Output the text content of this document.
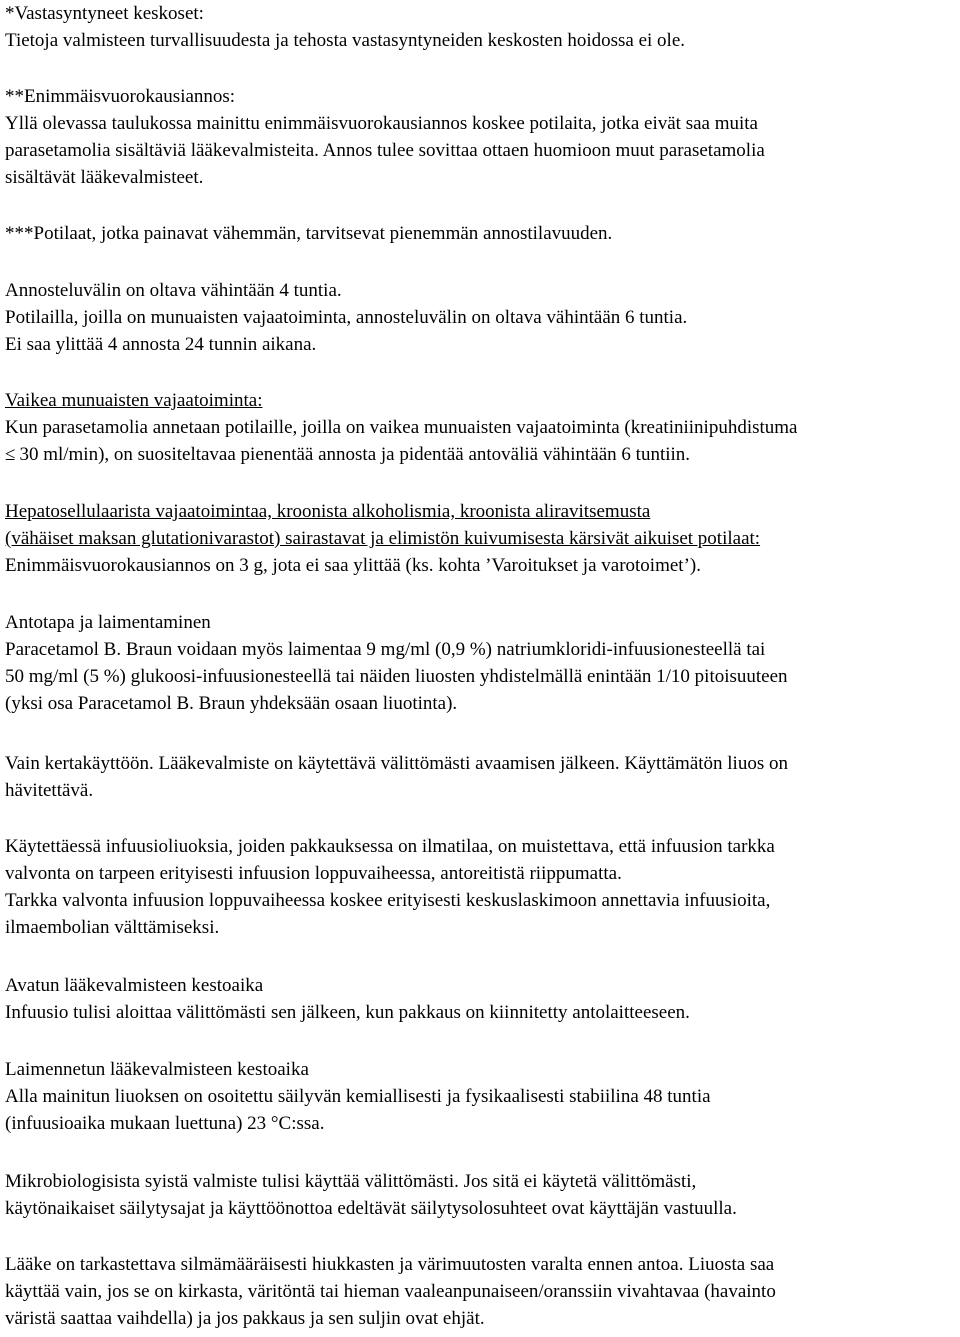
*Vastasyntyneet keskoset:
Tietoja valmisteen turvallisuudesta ja tehosta vastasyntyneiden keskosten hoidossa ei ole.
**Enimmäisvuorokausiannos:
Yllä olevassa taulukossa mainittu enimmäisvuorokausiannos koskee potilaita, jotka eivät saa muita
parasetamolia sisältäviä lääkevalmisteita. Annos tulee sovittaa ottaen huomioon muut parasetamolia
sisältävät lääkevalmisteet.
***Potilaat, jotka painavat vähemmän, tarvitsevat pienemmän annostilavuuden.
Annosteluvälin on oltava vähintään 4 tuntia.
Potilailla, joilla on munuaisten vajaatoiminta, annosteluvälin on oltava vähintään 6 tuntia.
Ei saa ylittää 4 annosta 24 tunnin aikana.
Vaikea munuaisten vajaatoiminta:
Kun parasetamolia annetaan potilaille, joilla on vaikea munuaisten vajaatoiminta (kreatiniinipuhdistuma
≤ 30 ml/min), on suositeltavaa pienentää annosta ja pidentää antoväliä vähintään 6 tuntiin.
Hepatosellulaarista vajaatoimintaa, kroonista alkoholismia, kroonista aliravitsemusta
(vähäiset maksan glutationivarastot) sairastavat ja elimistön kuivumisesta kärsivät aikuiset potilaat:
Enimmäisvuorokausiannos on 3 g, jota ei saa ylittää (ks. kohta ’Varoitukset ja varotoimet’).
Antotapa ja laimentaminen
Paracetamol B. Braun voidaan myös laimentaa 9 mg/ml (0,9 %) natriumkloridi-infuusionesteellä tai
50 mg/ml (5 %) glukoosi-infuusionesteellä tai näiden liuosten yhdistelmällä enintään 1/10 pitoisuuteen
(yksi osa Paracetamol B. Braun yhdeksään osaan liuotinta).
Vain kertakäyttöön. Lääkevalmiste on käytettävä välittömästi avaamisen jälkeen. Käyttämätön liuos on
hävitettävä.
Käytettäessä infuusioliuoksia, joiden pakkauksessa on ilmatilaa, on muistettava, että infuusion tarkka
valvonta on tarpeen erityisesti infuusion loppuvaiheessa, antoreitistä riippumatta.
Tarkka valvonta infuusion loppuvaiheessa koskee erityisesti keskuslaskimoon annettavia infuusioita,
ilmaembolian välttämiseksi.
Avatun lääkevalmisteen kestoaika
Infuusio tulisi aloittaa välittömästi sen jälkeen, kun pakkaus on kiinnitetty antolaitteeseen.
Laimennetun lääkevalmisteen kestoaika
Alla mainitun liuoksen on osoitettu säilyvän kemiallisesti ja fysikaalisesti stabiilina 48 tuntia
(infuusioaika mukaan luettuna) 23 °C:ssa.
Mikrobiologisista syistä valmiste tulisi käyttää välittömästi. Jos sitä ei käytetä välittömästi,
käytönaikaiset säilytysajat ja käyttöönottoa edeltävät säilytysolosuhteet ovat käyttäjän vastuulla.
Lääke on tarkastettava silmämääräisesti hiukkasten ja värimuutosten varalta ennen antoa. Liuosta saa
käyttää vain, jos se on kirkasta, väritöntä tai hieman vaaleanpunaiseen/oranssiin vivahtavaa (havainto
väristä saattaa vaihdella) ja jos pakkaus ja sen suljin ovat ehjät.
